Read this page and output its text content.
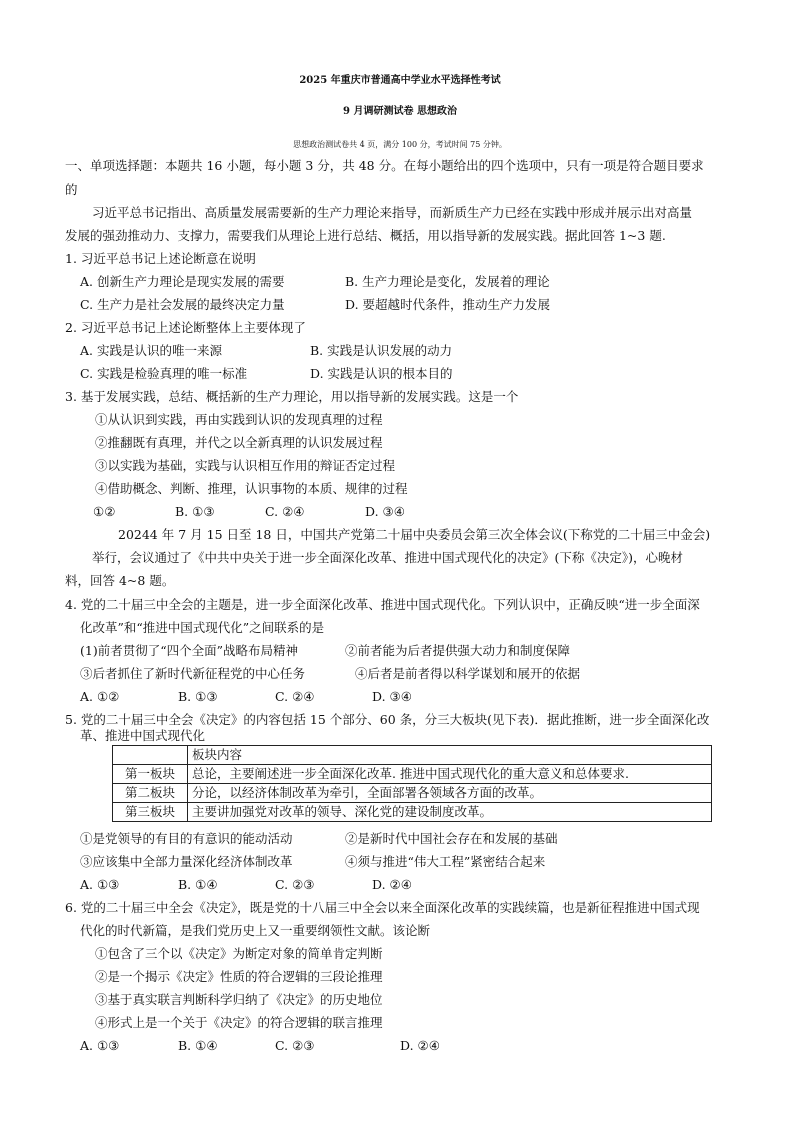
2025 年重庆市普通高中学业水平选择性考试
9 月调研测试卷 思想政治
思想政治测试卷共 4 页，满分 100 分，考试时间 75 分钟。
一、单项选择题：本题共 16 小题，每小题 3 分，共 48 分。在每小题给出的四个选项中，只有一项是符合题目要求
的
习近平总书记指出、高质量发展需要新的生产力理论来指导，而新质生产力已经在实践中形成并展示出对高量
发展的强劲推动力、支撑力，需要我们从理论上进行总结、概括，用以指导新的发展实践。据此回答 1~3 题.
1. 习近平总书记上述论断意在说明
A. 创新生产力理论是现实发展的需要	B. 生产力理论是变化，发展着的理论
C. 生产力是社会发展的最终决定力量	D. 要超越时代条件，推动生产力发展
2. 习近平总书记上述论断整体上主要体现了
A. 实践是认识的唯一来源	B. 实践是认识发展的动力
C. 实践是检验真理的唯一标准	D. 实践是认识的根本目的
3. 基于发展实践，总结、概括新的生产力理论，用以指导新的发展实践。这是一个
①从认识到实践，再由实践到认识的发现真理的过程
②推翻既有真理，并代之以全新真理的认识发展过程
③以实践为基础，实践与认识相互作用的辩证否定过程
④借助概念、判断、推理，认识事物的本质、规律的过程
①②	B. ①③	C. ②④	D. ③④
20244 年 7 月 15 日至 18 日，中国共产党第二十届中央委员会第三次全体会议(下称党的二十届三中金会)
举行，会议通过了《中共中央关于进一步全面深化改革、推进中国式现代化的决定》(下称《决定》)，心晚材
料，回答 4~8 题。
4. 党的二十届三中全会的主题是，进一步全面深化改革、推进中国式现代化。下列认识中，正确反映“进一步全面深
化改革”和“推进中国式现代化”之间联系的是
(1)前者贯彻了“四个全面”战略布局精神	②前者能为后者提供强大动力和制度保障
③后者抓住了新时代新征程党的中心任务	④后者是前者得以科学谋划和展开的依据
A. ①②	B. ①③	C. ②④	D. ③④
5. 党的二十届三中全会《决定》的内容包括 15 个部分、60 条，分三大板块(见下表)．据此推断，进一步全面深化改
革、推进中国式现代化
	板块内容
第一板块	总论，主要阐述进一步全面深化改革. 推进中国式现代化的重大意义和总体要求.
第二板块	分论，以经济体制改革为牵引，全面部署各领域各方面的改革。
第三板块	主要讲加强党对改革的领导、深化党的建设制度改革。
①是党领导的有目的有意识的能动活动	②是新时代中国社会存在和发展的基础
③应该集中全部力量深化经济体制改革	④须与推进“伟大工程”紧密结合起来
A. ①③	B. ①④	C. ②③	D. ②④
6. 党的二十届三中全会《决定》，既是党的十八届三中全会以来全面深化改革的实践续篇，也是新征程推进中国式现
代化的时代新篇，是我们党历史上又一重要纲领性文献。该论断
①包含了三个以《决定》为断定对象的简单肯定判断
②是一个揭示《决定》性质的符合逻辑的三段论推理
③基于真实联言判断科学归纳了《决定》的历史地位
④形式上是一个关于《决定》的符合逻辑的联言推理
A. ①③	B. ①④	C. ②③	D. ②④
